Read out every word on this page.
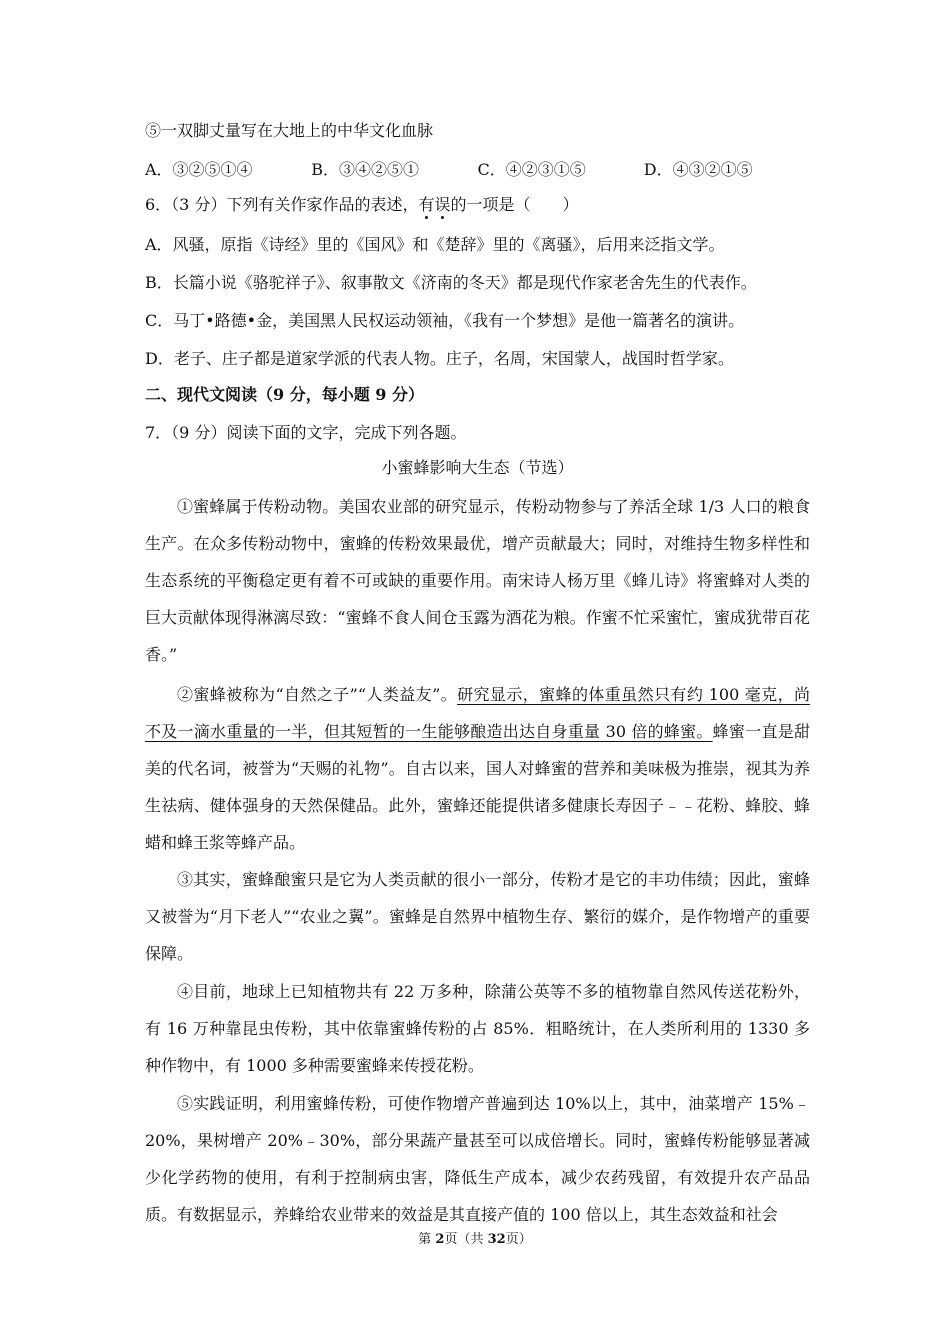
⑤一双脚丈量写在大地上的中华文化血脉
A．③②⑤①④	B．③④②⑤①	C．④②③①⑤	D．④③②①⑤
6．（3 分）下列有关作家作品的表述，有误的一项是（　　）
A．风骚，原指《诗经》里的《国风》和《楚辞》里的《离骚》，后用来泛指文学。
B．长篇小说《骆驼祥子》、叙事散文《济南的冬天》都是现代作家老舍先生的代表作。
C．马丁•路德•金，美国黑人民权运动领袖，《我有一个梦想》是他一篇著名的演讲。
D．老子、庄子都是道家学派的代表人物。庄子，名周，宋国蒙人，战国时哲学家。
二、现代文阅读（9 分，每小题 9 分）
7．（9 分）阅读下面的文字，完成下列各题。
小蜜蜂影响大生态（节选）

①蜜蜂属于传粉动物。美国农业部的研究显示，传粉动物参与了养活全球 1/3 人口的粮食生产。在众多传粉动物中，蜜蜂的传粉效果最优，增产贡献最大；同时，对维持生物多样性和生态系统的平衡稳定更有着不可或缺的重要作用。南宋诗人杨万里《蜂儿诗》将蜜蜂对人类的巨大贡献体现得淋漓尽致：“蜜蜂不食人间仓玉露为酒花为粮。作蜜不忙采蜜忙，蜜成犹带百花香。”

②蜜蜂被称为“自然之子”“人类益友”。研究显示，蜜蜂的体重虽然只有约 100 毫克，尚不及一滴水重量的一半，但其短暂的一生能够酿造出达自身重量 30 倍的蜂蜜。蜂蜜一直是甜美的代名词，被誉为“天赐的礼物”。自古以来，国人对蜂蜜的营养和美味极为推崇，视其为养生祛病、健体强身的天然保健品。此外，蜜蜂还能提供诸多健康长寿因子﹣﹣花粉、蜂胶、蜂蜡和蜂王浆等蜂产品。

③其实，蜜蜂酿蜜只是它为人类贡献的很小一部分，传粉才是它的丰功伟绩；因此，蜜蜂又被誉为“月下老人”“农业之翼”。蜜蜂是自然界中植物生存、繁衍的媒介，是作物增产的重要保障。

④目前，地球上已知植物共有 22 万多种，除蒲公英等不多的植物靠自然风传送花粉外，有 16 万种靠昆虫传粉，其中依靠蜜蜂传粉的占 85%．粗略统计，在人类所利用的 1330 多种作物中，有 1000 多种需要蜜蜂来传授花粉。

⑤实践证明，利用蜜蜂传粉，可使作物增产普遍到达 10%以上，其中，油菜增产 15%﹣20%，果树增产 20%﹣30%，部分果蔬产量甚至可以成倍增长。同时，蜜蜂传粉能够显著减少化学药物的使用，有利于控制病虫害，降低生产成本，减少农药残留，有效提升农产品品质。有数据显示，养蜂给农业带来的效益是其直接产值的 100 倍以上，其生态效益和社会

第 2页（共 32页）
